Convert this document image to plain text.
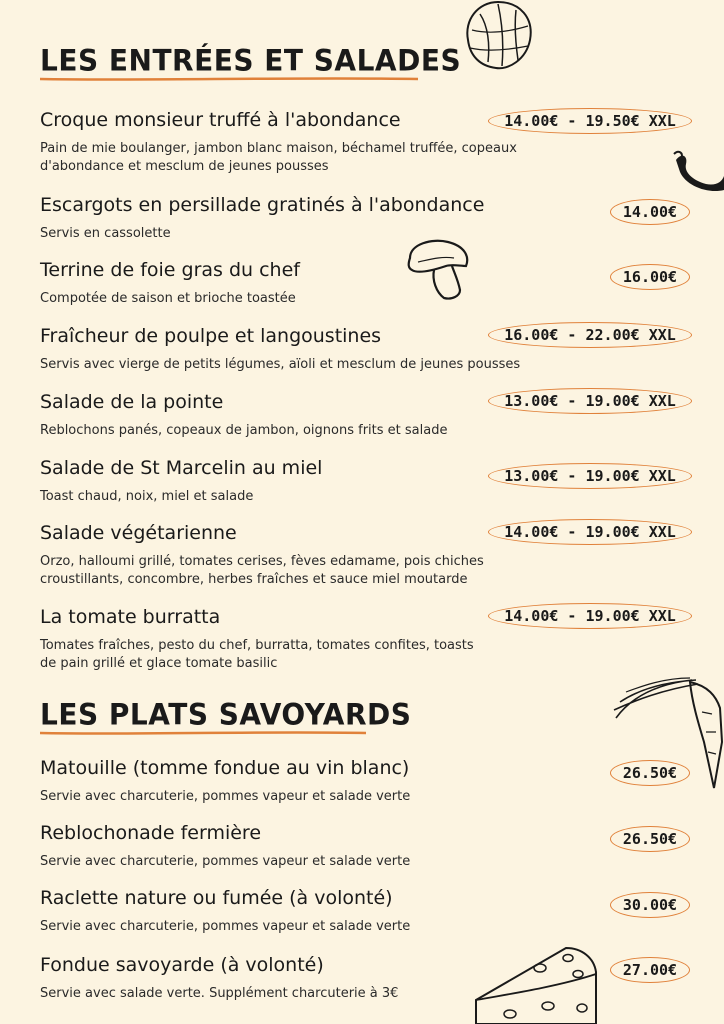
LES ENTRÉES ET SALADES
Croque monsieur truffé à l'abondance
Pain de mie boulanger, jambon blanc maison, béchamel truffée, copeaux d'abondance et mesclum de jeunes pousses
14.00€ - 19.50€ XXL
Escargots en persillade gratinés à l'abondance
Servis en cassolette
14.00€
Terrine de foie gras du chef
Compotée de saison et brioche toastée
16.00€
Fraîcheur de poulpe et langoustines
Servis avec vierge de petits légumes, aïoli et mesclum de jeunes pousses
16.00€ - 22.00€ XXL
Salade de la pointe
Reblochons panés, copeaux de jambon, oignons frits et salade
13.00€ - 19.00€ XXL
Salade de St Marcelin au miel
Toast chaud, noix, miel et salade
13.00€ - 19.00€ XXL
Salade végétarienne
Orzo, halloumi grillé, tomates cerises, fèves edamame, pois chiches croustillants, concombre, herbes fraîches et sauce miel moutarde
14.00€ - 19.00€ XXL
La tomate burratta
Tomates fraîches, pesto du chef, burratta, tomates confites, toasts de pain grillé et glace tomate basilic
14.00€ - 19.00€ XXL
LES PLATS SAVOYARDS
Matouille (tomme fondue au vin blanc)
Servie avec charcuterie, pommes vapeur et salade verte
26.50€
Reblochonade fermière
Servie avec charcuterie, pommes vapeur et salade verte
26.50€
Raclette nature ou fumée (à volonté)
Servie avec charcuterie, pommes vapeur et salade verte
30.00€
Fondue savoyarde (à volonté)
Servie avec salade verte. Supplément charcuterie à 3€
27.00€
